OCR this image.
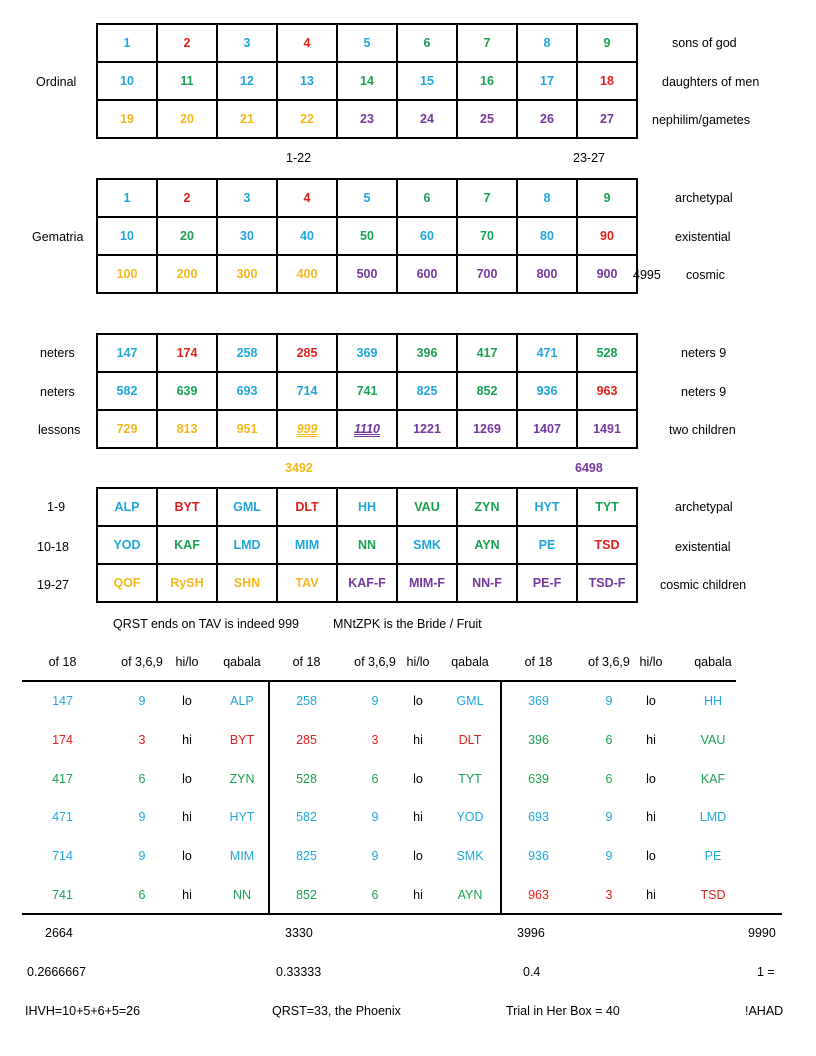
1	2	3	4	5	6	7	8	9
10	11	12	13	14	15	16	17	18
19	20	21	22	23	24	25	26	27
Ordinal
sons of god
daughters of men
nephilim/gametes
1-22	23-27
1	2	3	4	5	6	7	8	9
10	20	30	40	50	60	70	80	90
100	200	300	400	500	600	700	800	900
Gematria
archetypal
existential
4995 cosmic
147	174	258	285	369	396	417	471	528
582	639	693	714	741	825	852	936	963
729	813	951	999	1110	1221	1269	1407	1491
neters
neters
lessons
neters 9
neters 9
two children
3492	6498
ALP	BYT	GML	DLT	HH	VAU	ZYN	HYT	TYT
YOD	KAF	LMD	MIM	NN	SMK	AYN	PE	TSD
QOF	RySH	SHN	TAV	KAF-F	MIM-F	NN-F	PE-F	TSD-F
1-9
10-18
19-27
archetypal
existential
cosmic children
QRST ends on TAV is indeed 999	MNtZPK is the Bride / Fruit
of 18	of 3,6,9	hi/lo	qabala	of 18	of 3,6,9 hi/lo	qabala	of 18	of 3,6,9 hi/lo	qabala
147	9	lo	ALP	258	9	lo	GML	369	9	lo	HH
174	3	hi	BYT	285	3	hi	DLT	396	6	hi	VAU
417	6	lo	ZYN	528	6	lo	TYT	639	6	lo	KAF
471	9	hi	HYT	582	9	hi	YOD	693	9	hi	LMD
714	9	lo	MIM	825	9	lo	SMK	936	9	lo	PE
741	6	hi	NN	852	6	hi	AYN	963	3	hi	TSD
2664	3330	3996	9990
0.2666667	0.33333	0.4	1 =
IHVH=10+5+6+5=26	QRST=33, the Phoenix	Trial in Her Box = 40	!AHAD
